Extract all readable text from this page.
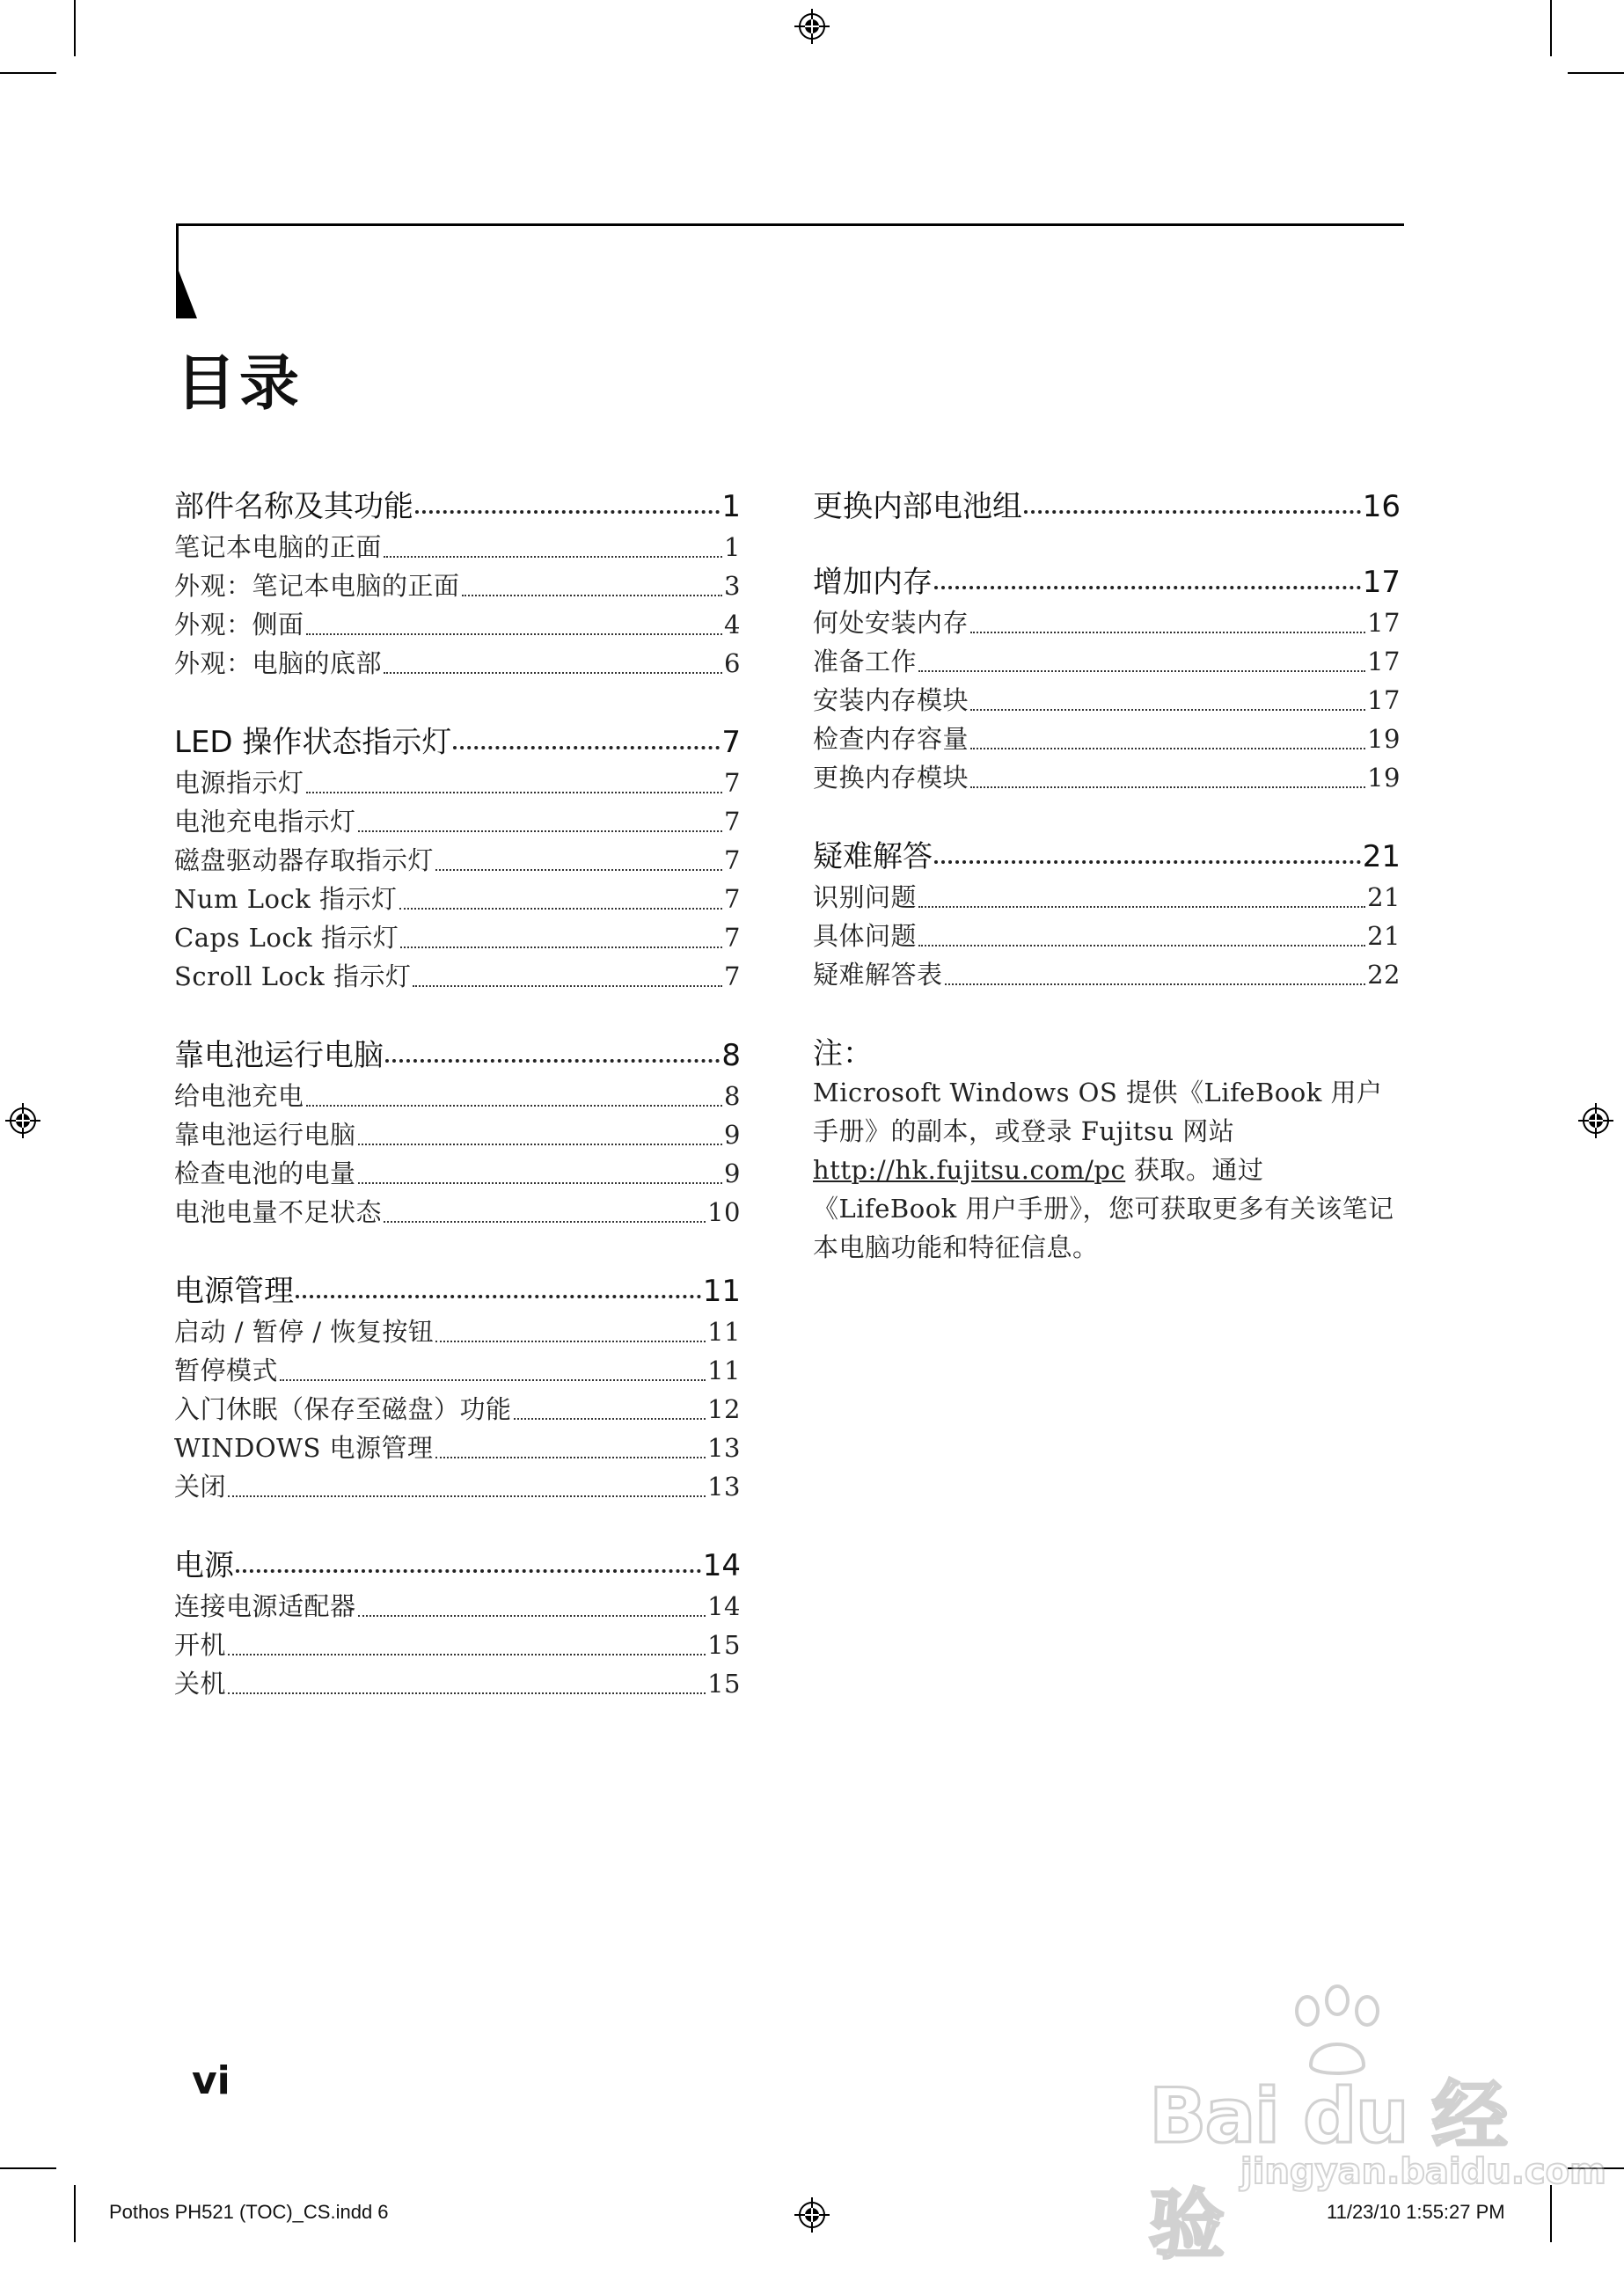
目录
部件名称及其功能	1
笔记本电脑的正面	1
外观：笔记本电脑的正面	3
外观：侧面	4
外观：电脑的底部	6
LED 操作状态指示灯	7
电源指示灯	7
电池充电指示灯	7
磁盘驱动器存取指示灯	7
Num Lock 指示灯	7
Caps Lock 指示灯	7
Scroll Lock 指示灯	7
靠电池运行电脑	8
给电池充电	8
靠电池运行电脑	9
检查电池的电量	9
电池电量不足状态	10
电源管理	11
启动 / 暂停 / 恢复按钮	11
暂停模式	11
入门休眠（保存至磁盘）功能	12
WINDOWS 电源管理	13
关闭	13
电源	14
连接电源适配器	14
开机	15
关机	15
更换内部电池组	16
增加内存	17
何处安装内存	17
准备工作	17
安装内存模块	17
检查内存容量	19
更换内存模块	19
疑难解答	21
识别问题	21
具体问题	21
疑难解答表	22
注：
Microsoft Windows OS 提供《LifeBook 用户手册》的副本，或登录 Fujitsu 网站 http://hk.fujitsu.com/pc 获取。通过《LifeBook 用户手册》，您可获取更多有关该笔记本电脑功能和特征信息。
vi
Pothos PH521 (TOC)_CS.indd 6	11/23/10 1:55:27 PM
Bai du 经验
jingyan.baidu.com
